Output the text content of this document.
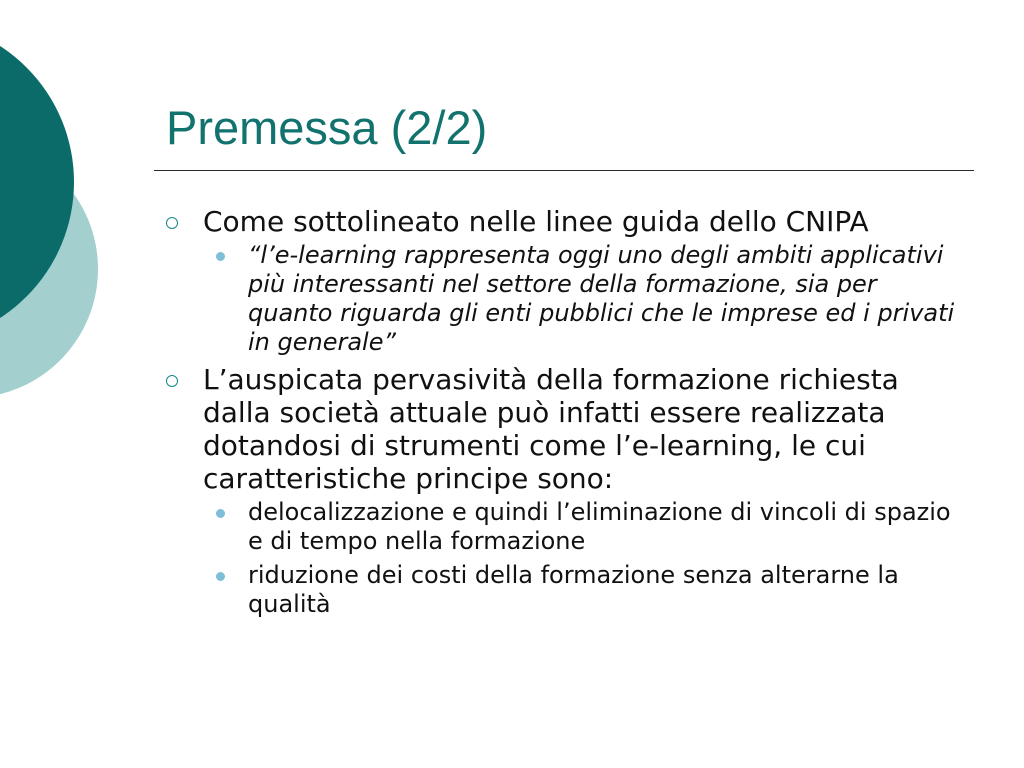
Premessa (2/2)
Come sottolineato nelle linee guida dello CNIPA
“l’e-learning rappresenta oggi uno degli ambiti applicativi più interessanti nel settore della formazione, sia per quanto riguarda gli enti pubblici che le imprese ed i privati in generale”
L’auspicata pervasività della formazione richiesta dalla società attuale può infatti essere realizzata dotandosi di strumenti come l’e-learning, le cui caratteristiche principe sono:
delocalizzazione e quindi l’eliminazione di vincoli di spazio e di tempo nella formazione
riduzione dei costi della formazione senza alterarne la qualità
